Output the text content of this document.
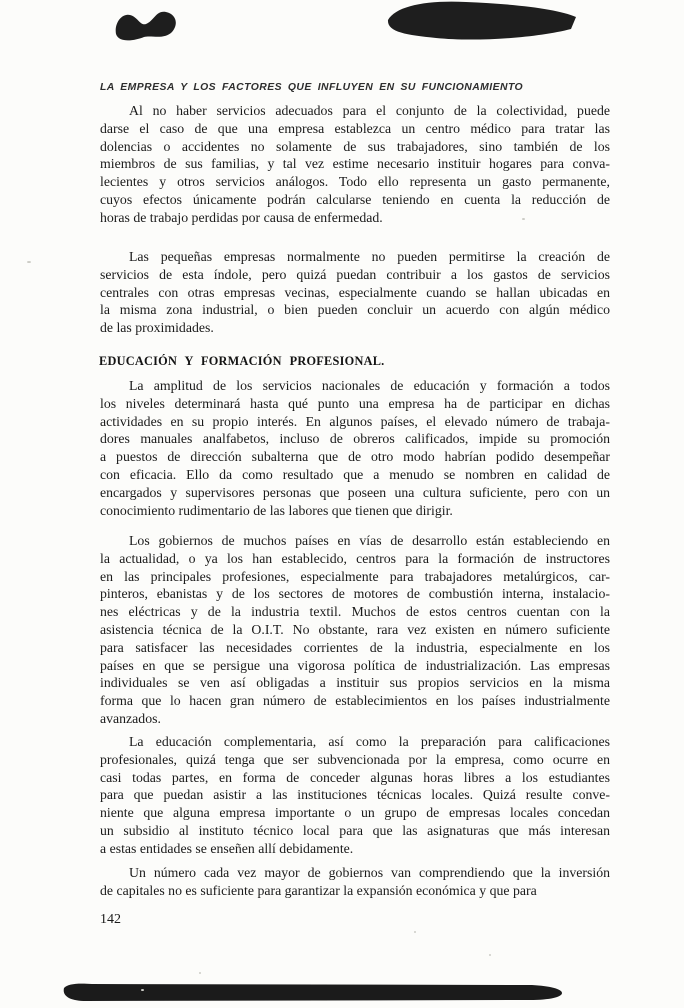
LA EMPRESA Y LOS FACTORES QUE INFLUYEN EN SU FUNCIONAMIENTO
Al no haber servicios adecuados para el conjunto de la colectividad, puede
darse el caso de que una empresa establezca un centro médico para tratar las
dolencias o accidentes no solamente de sus trabajadores, sino también de los
miembros de sus familias, y tal vez estime necesario instituir hogares para conva-
lecientes y otros servicios análogos. Todo ello representa un gasto permanente,
cuyos efectos únicamente podrán calcularse teniendo en cuenta la reducción de
horas de trabajo perdidas por causa de enfermedad.
Las pequeñas empresas normalmente no pueden permitirse la creación de
servicios de esta índole, pero quizá puedan contribuir a los gastos de servicios
centrales con otras empresas vecinas, especialmente cuando se hallan ubicadas en
la misma zona industrial, o bien pueden concluir un acuerdo con algún médico
de las proximidades.
EDUCACIÓN Y FORMACIÓN PROFESIONAL.
La amplitud de los servicios nacionales de educación y formación a todos
los niveles determinará hasta qué punto una empresa ha de participar en dichas
actividades en su propio interés. En algunos países, el elevado número de trabaja-
dores manuales analfabetos, incluso de obreros calificados, impide su promoción
a puestos de dirección subalterna que de otro modo habrían podido desempeñar
con eficacia. Ello da como resultado que a menudo se nombren en calidad de
encargados y supervisores personas que poseen una cultura suficiente, pero con un
conocimiento rudimentario de las labores que tienen que dirigir.
Los gobiernos de muchos países en vías de desarrollo están estableciendo en
la actualidad, o ya los han establecido, centros para la formación de instructores
en las principales profesiones, especialmente para trabajadores metalúrgicos, car-
pinteros, ebanistas y de los sectores de motores de combustión interna, instalacio-
nes eléctricas y de la industria textil. Muchos de estos centros cuentan con la
asistencia técnica de la O.I.T. No obstante, rara vez existen en número suficiente
para satisfacer las necesidades corrientes de la industria, especialmente en los
países en que se persigue una vigorosa política de industrialización. Las empresas
individuales se ven así obligadas a instituir sus propios servicios en la misma
forma que lo hacen gran número de establecimientos en los países industrialmente
avanzados.
La educación complementaria, así como la preparación para calificaciones
profesionales, quizá tenga que ser subvencionada por la empresa, como ocurre en
casi todas partes, en forma de conceder algunas horas libres a los estudiantes
para que puedan asistir a las instituciones técnicas locales. Quizá resulte conve-
niente que alguna empresa importante o un grupo de empresas locales concedan
un subsidio al instituto técnico local para que las asignaturas que más interesan
a estas entidades se enseñen allí debidamente.
Un número cada vez mayor de gobiernos van comprendiendo que la inversión
de capitales no es suficiente para garantizar la expansión económica y que para
142
